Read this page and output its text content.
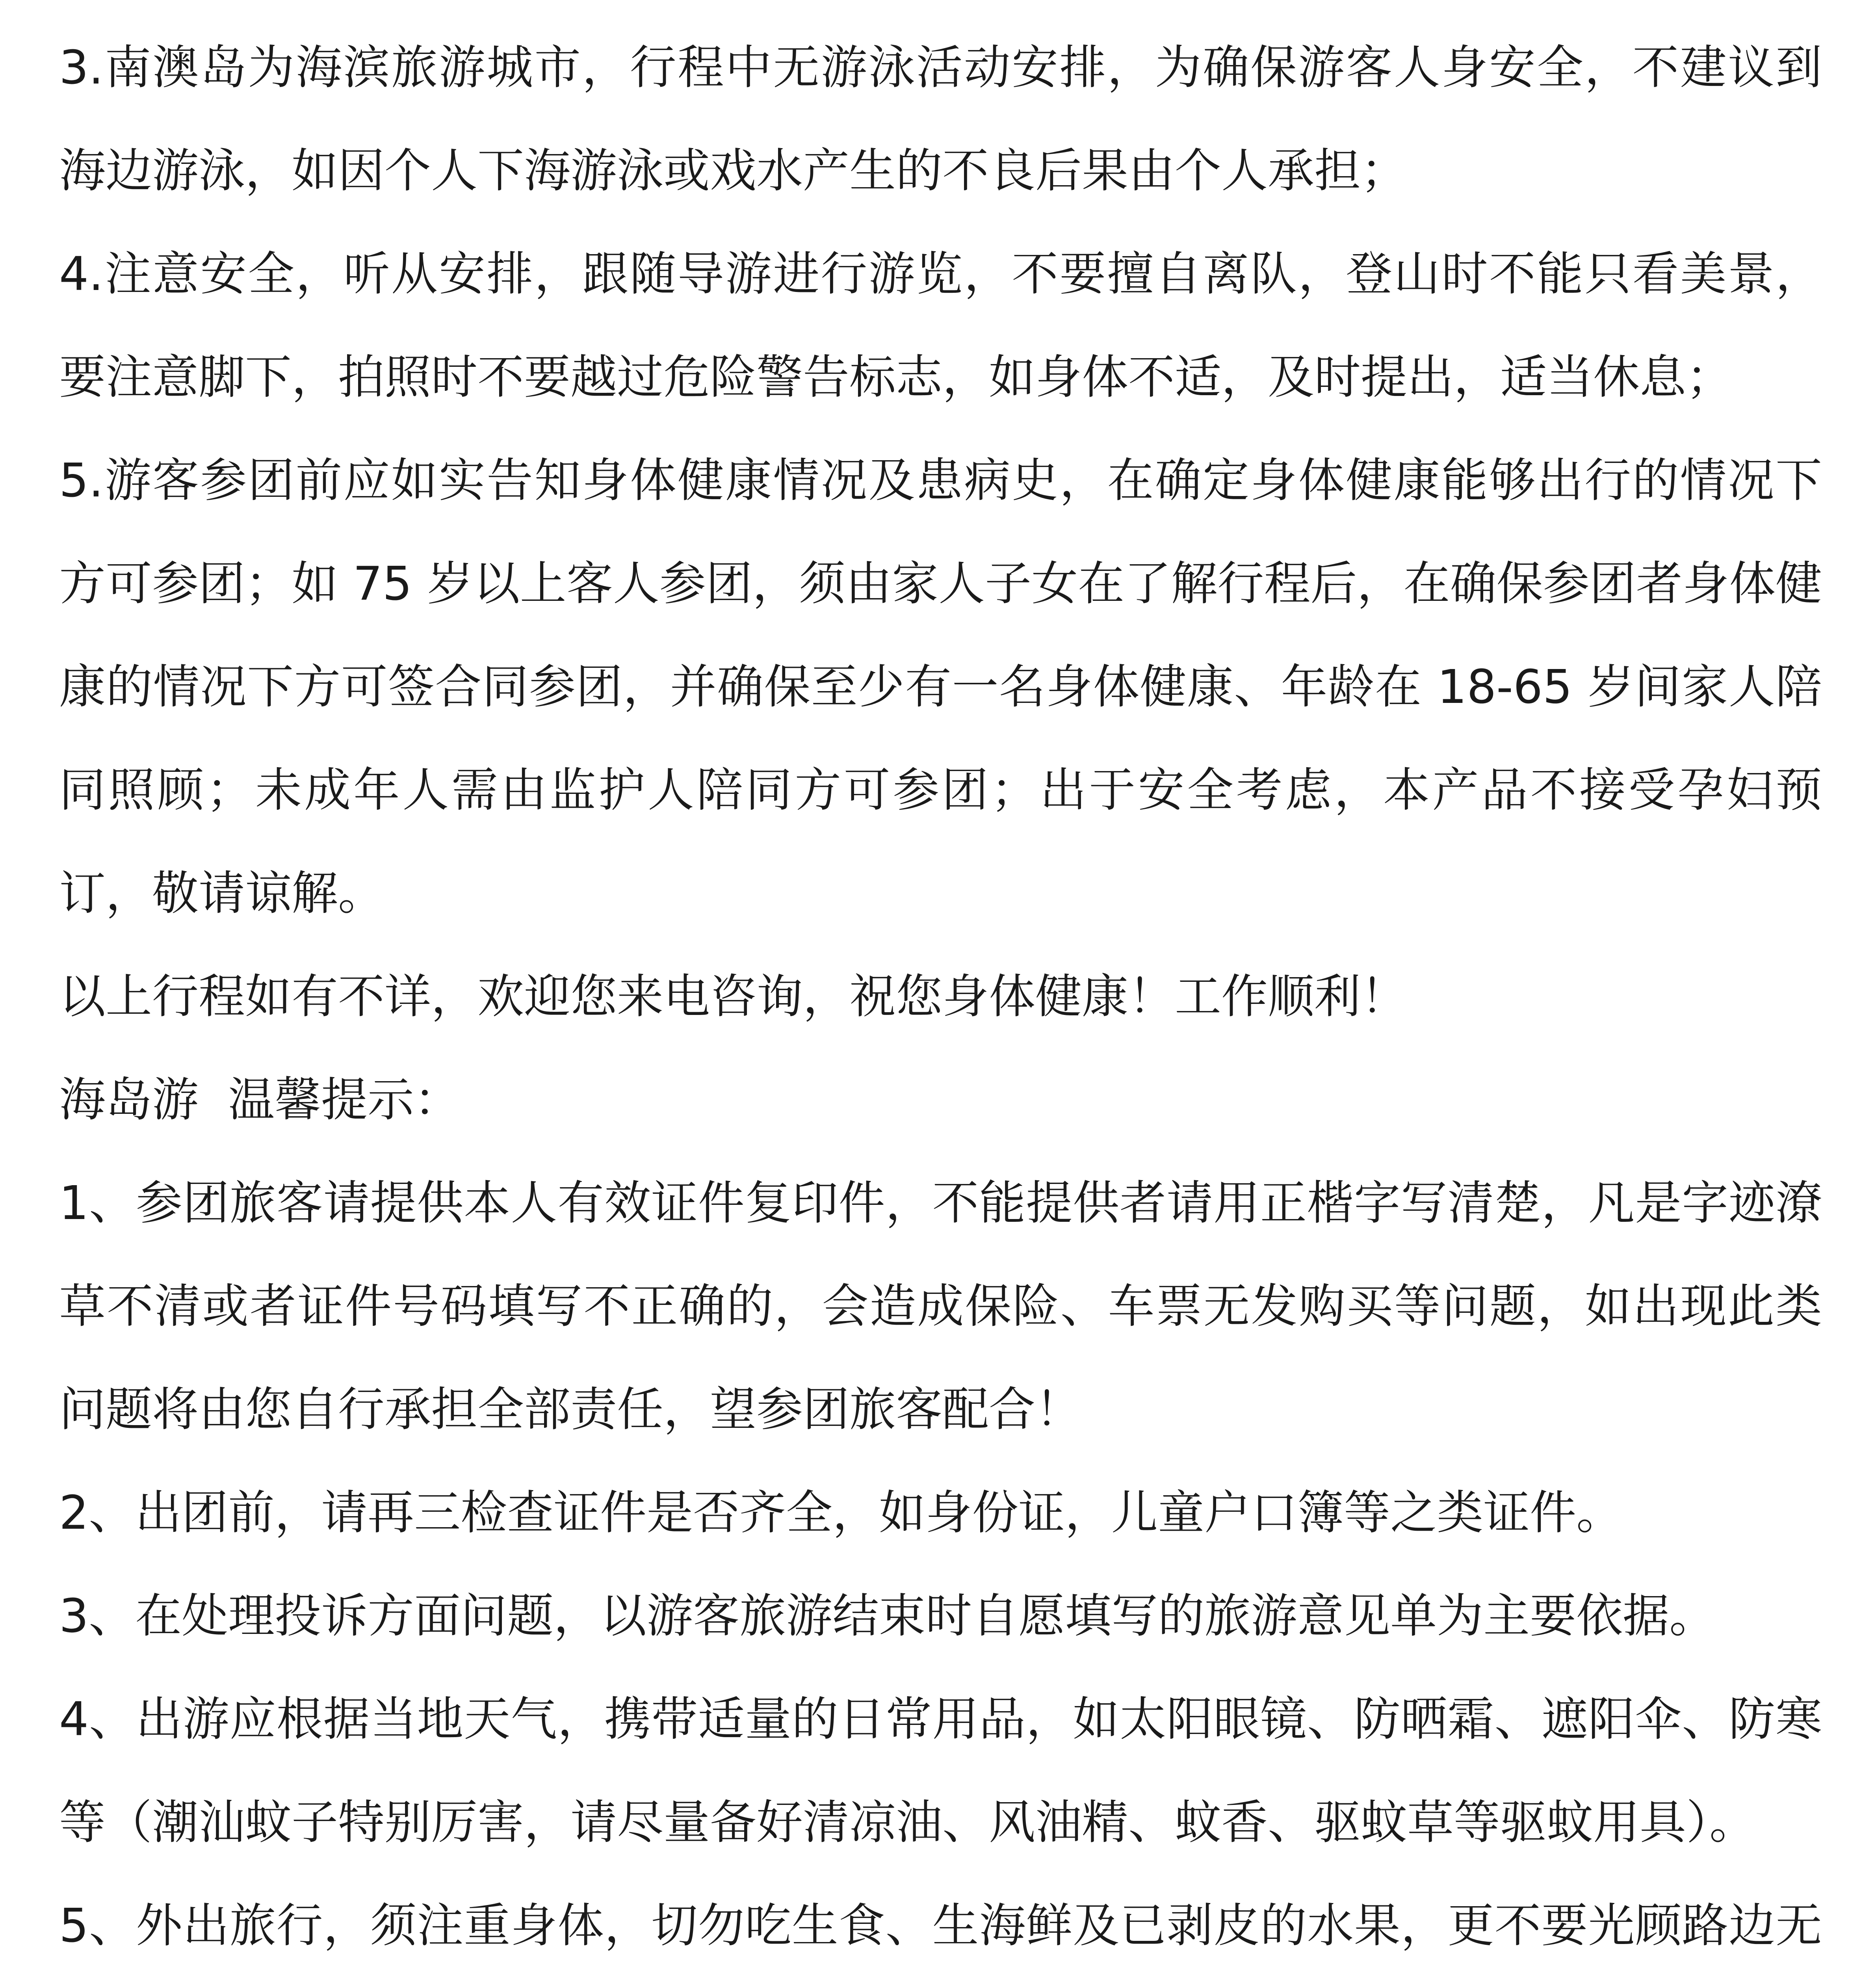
3.南澳岛为海滨旅游城市，行程中无游泳活动安排，为确保游客人身安全，不建议到海边游泳，如因个人下海游泳或戏水产生的不良后果由个人承担；

4.注意安全，听从安排，跟随导游进行游览，不要擅自离队，登山时不能只看美景，要注意脚下，拍照时不要越过危险警告标志，如身体不适，及时提出，适当休息；

5.游客参团前应如实告知身体健康情况及患病史，在确定身体健康能够出行的情况下方可参团；如 75 岁以上客人参团，须由家人子女在了解行程后，在确保参团者身体健康的情况下方可签合同参团，并确保至少有一名身体健康、年龄在 18-65 岁间家人陪同照顾；未成年人需由监护人陪同方可参团；出于安全考虑，本产品不接受孕妇预订，敬请谅解。

以上行程如有不详，欢迎您来电咨询，祝您身体健康！工作顺利！

海岛游  温馨提示：

1、参团旅客请提供本人有效证件复印件，不能提供者请用正楷字写清楚，凡是字迹潦草不清或者证件号码填写不正确的，会造成保险、车票无发购买等问题，如出现此类问题将由您自行承担全部责任，望参团旅客配合！

2、出团前，请再三检查证件是否齐全，如身份证，儿童户口簿等之类证件。

3、在处理投诉方面问题，以游客旅游结束时自愿填写的旅游意见单为主要依据。

4、出游应根据当地天气，携带适量的日常用品，如太阳眼镜、防晒霜、遮阳伞、防寒等（潮汕蚊子特别厉害，请尽量备好清凉油、风油精、蚊香、驱蚊草等驱蚊用具）。

5、外出旅行，须注重身体，切勿吃生食、生海鲜及已剥皮的水果，更不要光顾路边无
